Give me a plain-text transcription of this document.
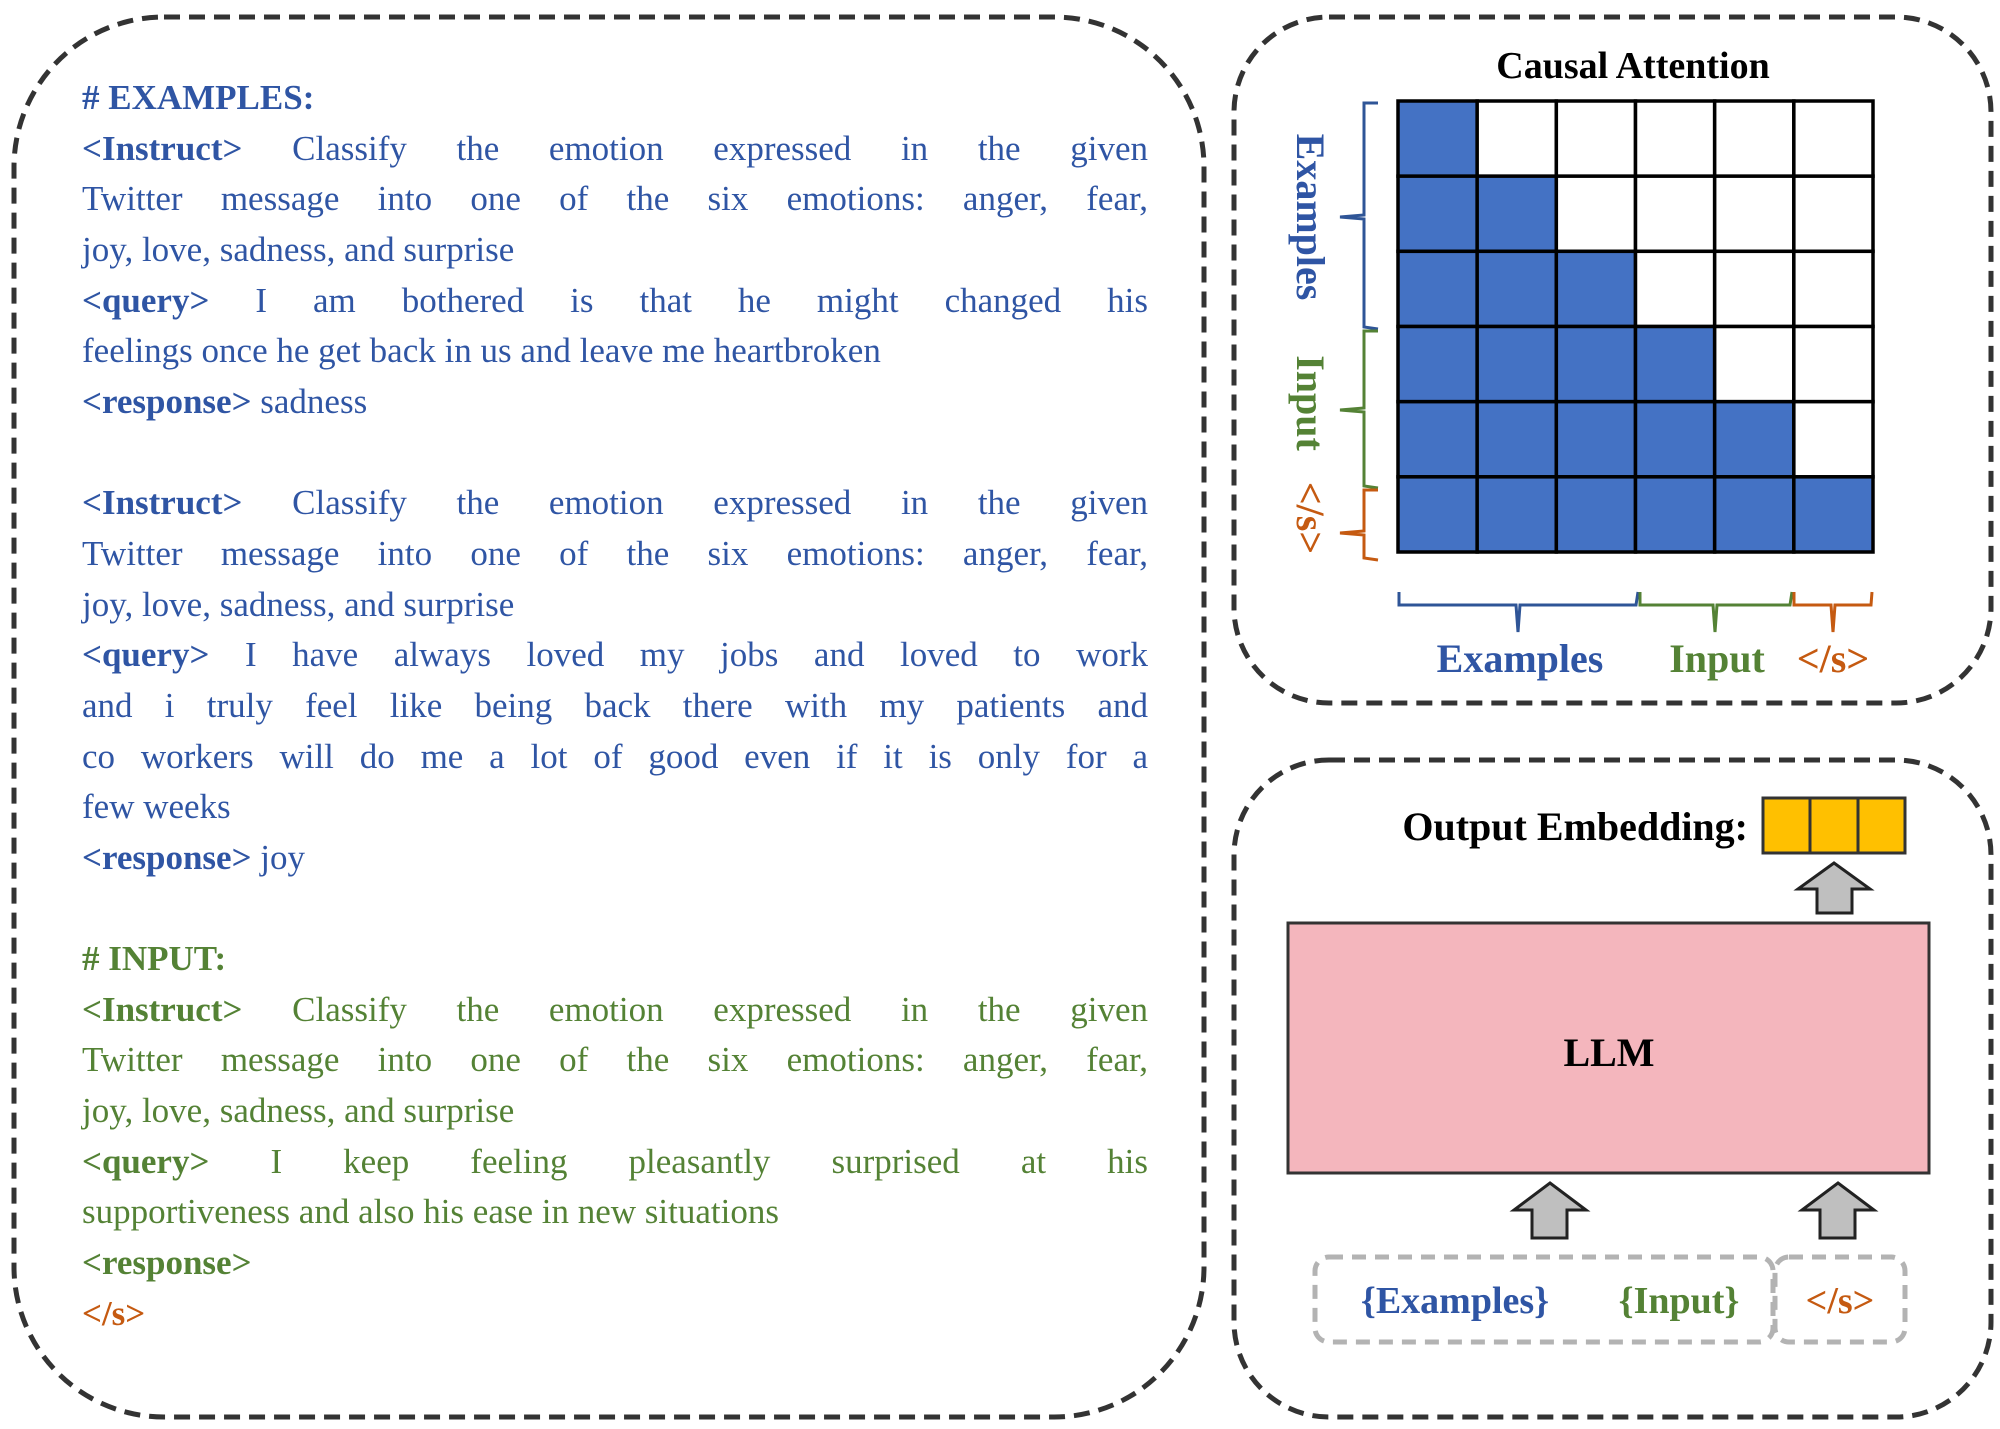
Causal Attention
Examples
Input
</s>
Examples Input </s>
Output Embedding:
LLM
{Examples} {Input} </s>
# EXAMPLES:
<Instruct> Classify the emotion expressed in the given
Twitter message into one of the six emotions: anger, fear,
joy, love, sadness, and surprise
<query> I am bothered is that he might changed his
feelings once he get back in us and leave me heartbroken
<response> sadness
<Instruct> Classify the emotion expressed in the given
Twitter message into one of the six emotions: anger, fear,
joy, love, sadness, and surprise
<query> I have always loved my jobs and loved to work
and i truly feel like being back there with my patients and
co workers will do me a lot of good even if it is only for a
few weeks
<response> joy
# INPUT:
<Instruct> Classify the emotion expressed in the given
Twitter message into one of the six emotions: anger, fear,
joy, love, sadness, and surprise
<query> I keep feeling pleasantly surprised at his
supportiveness and also his ease in new situations
<response>
</s>
